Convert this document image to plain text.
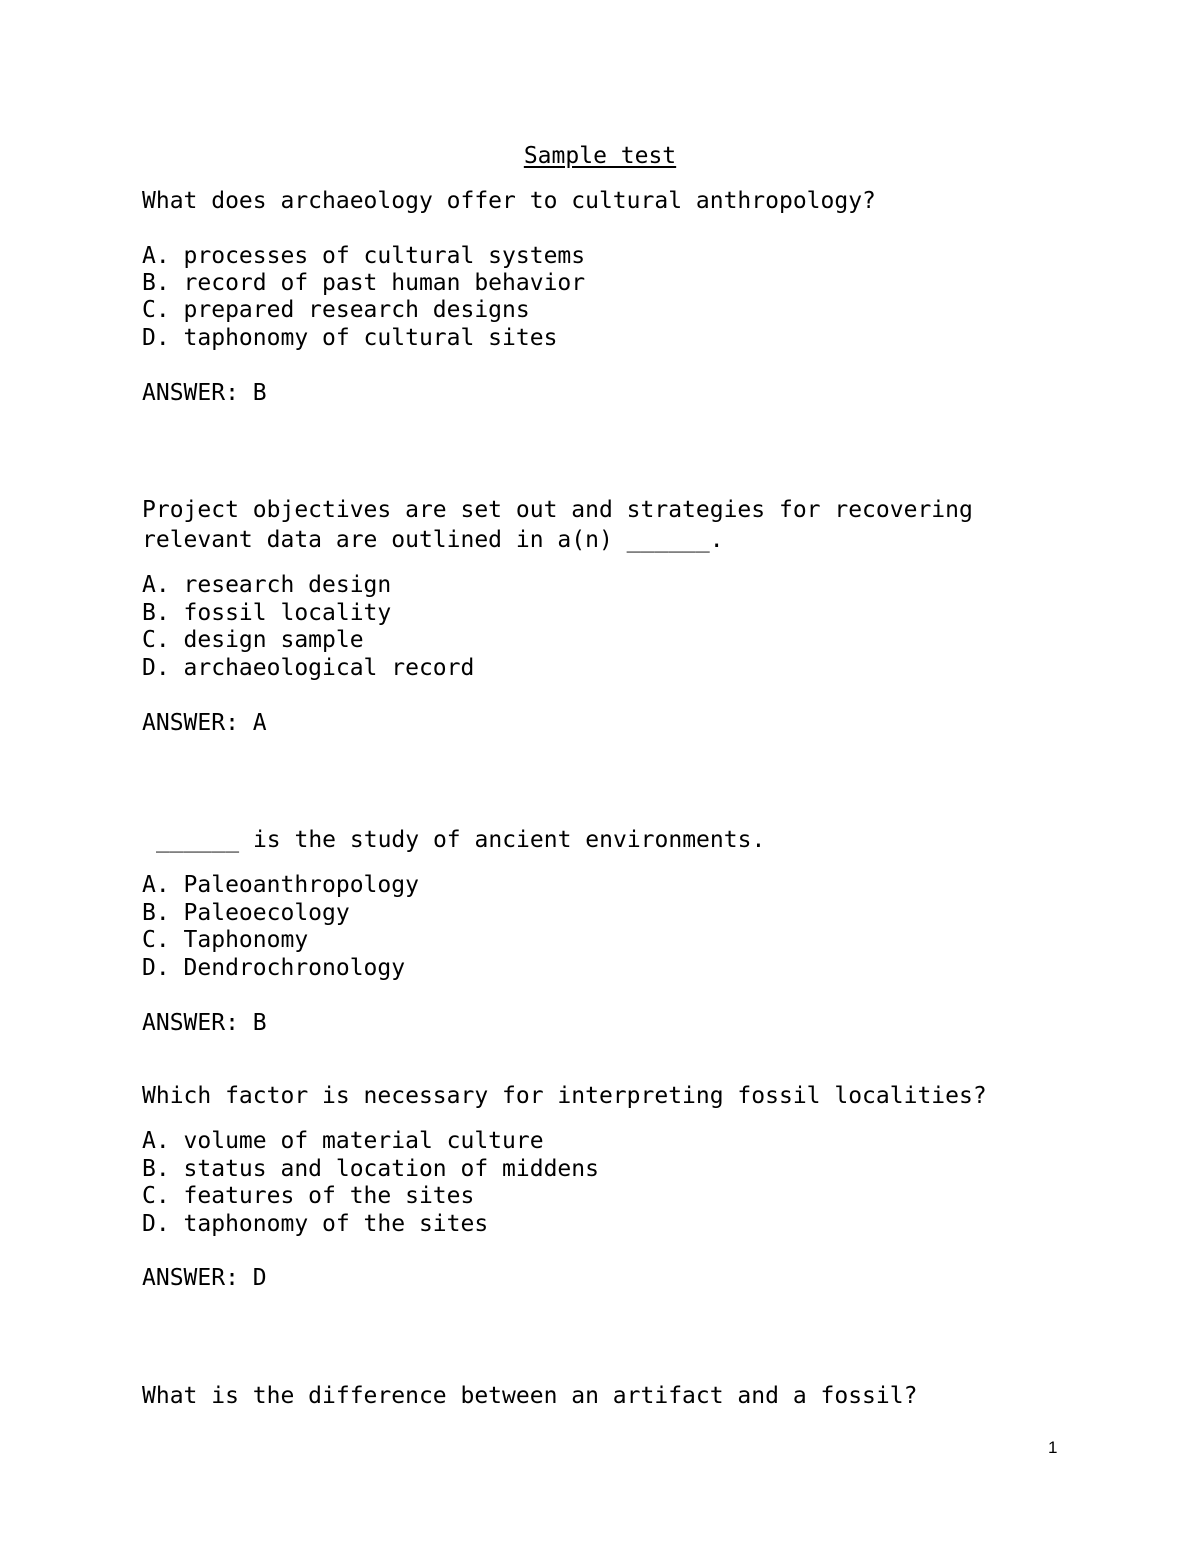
Sample test
What does archaeology offer to cultural anthropology?
A. processes of cultural systems
B. record of past human behavior
C. prepared research designs
D. taphonomy of cultural sites
ANSWER: B
Project objectives are set out and strategies for recovering
relevant data are outlined in a(n) ______.
A. research design
B. fossil locality
C. design sample
D. archaeological record
ANSWER: A
______ is the study of ancient environments.
A. Paleoanthropology
B. Paleoecology
C. Taphonomy
D. Dendrochronology
ANSWER: B
Which factor is necessary for interpreting fossil localities?
A. volume of material culture
B. status and location of middens
C. features of the sites
D. taphonomy of the sites
ANSWER: D
What is the difference between an artifact and a fossil?
1
